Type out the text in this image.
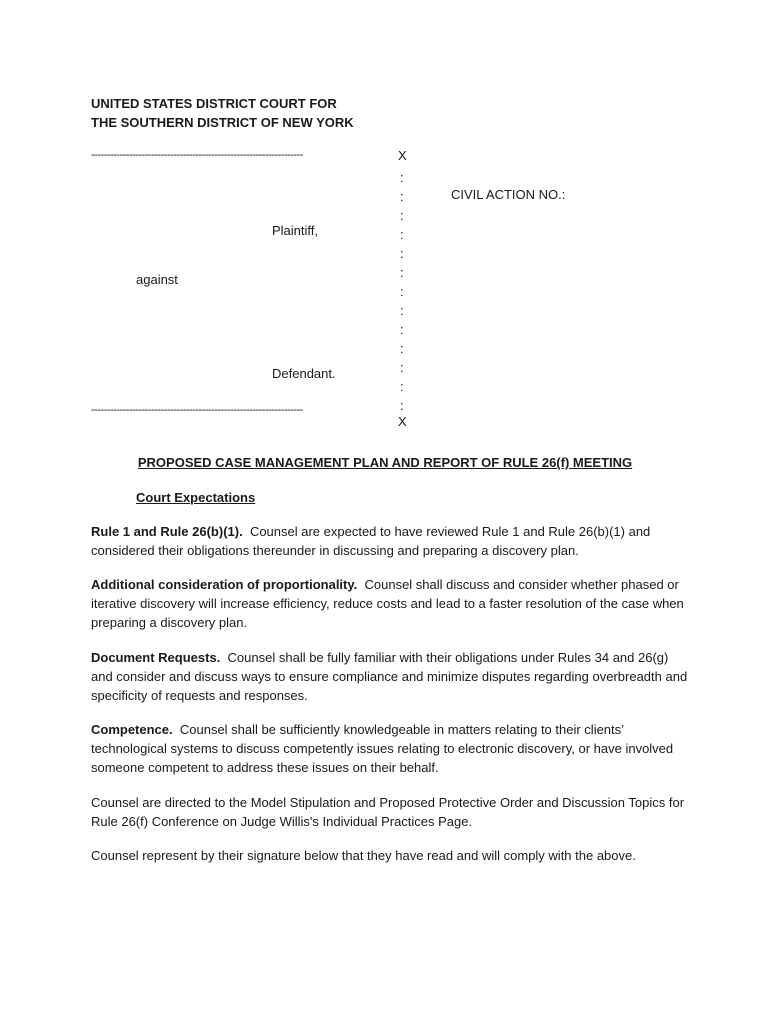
UNITED STATES DISTRICT COURT FOR
THE SOUTHERN DISTRICT OF NEW YORK
-------------------------------------------------------------------	X
:
:
:
:
:
:
:
:
:
:
:
:
:
CIVIL ACTION NO.:
Plaintiff,
against
Defendant.
-------------------------------------------------------------------
X
PROPOSED CASE MANAGEMENT PLAN AND REPORT OF RULE 26(f) MEETING
Court Expectations
Rule 1 and Rule 26(b)(1). Counsel are expected to have reviewed Rule 1 and Rule 26(b)(1) and considered their obligations thereunder in discussing and preparing a discovery plan.
Additional consideration of proportionality. Counsel shall discuss and consider whether phased or iterative discovery will increase efficiency, reduce costs and lead to a faster resolution of the case when preparing a discovery plan.
Document Requests. Counsel shall be fully familiar with their obligations under Rules 34 and 26(g) and consider and discuss ways to ensure compliance and minimize disputes regarding overbreadth and specificity of requests and responses.
Competence. Counsel shall be sufficiently knowledgeable in matters relating to their clients’ technological systems to discuss competently issues relating to electronic discovery, or have involved someone competent to address these issues on their behalf.
Counsel are directed to the Model Stipulation and Proposed Protective Order and Discussion Topics for Rule 26(f) Conference on Judge Willis's Individual Practices Page.
Counsel represent by their signature below that they have read and will comply with the above.
